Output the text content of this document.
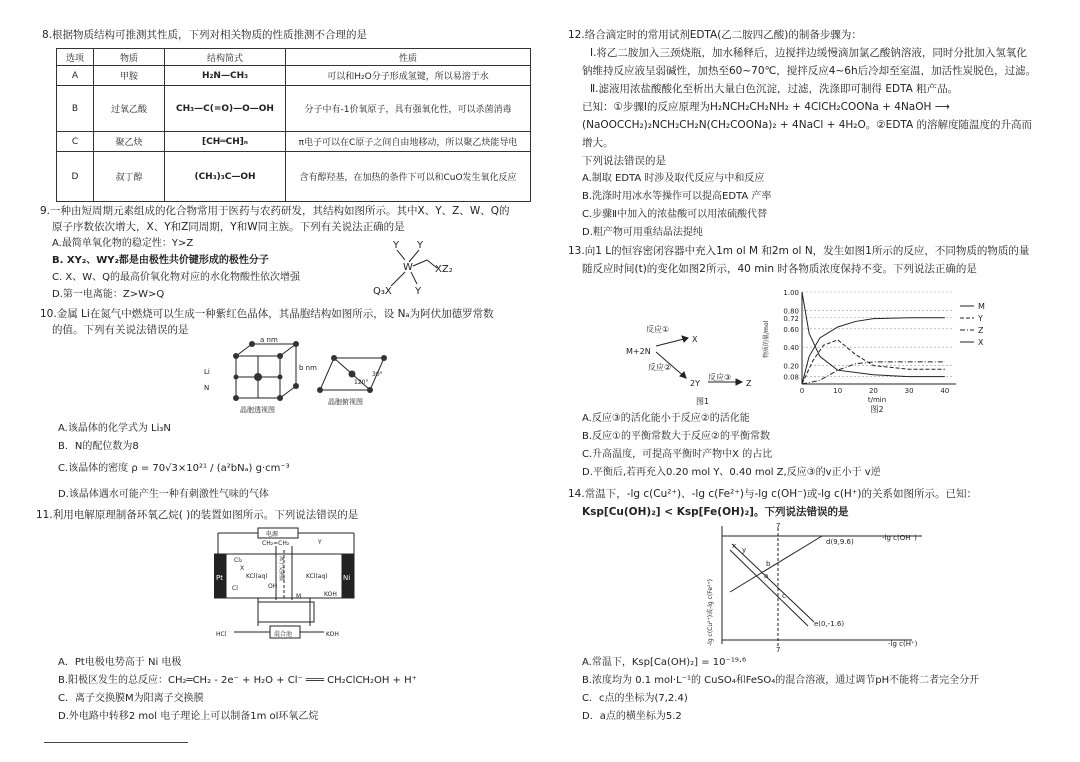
8.根据物质结构可推测其性质，下列对相关物质的性质推测不合理的是
选项	物质	结构简式	性质
A	甲胺	H₂N—CH₃	可以和H₂O分子形成氢键，所以易溶于水
B	过氧乙酸	CH₃—C(=O)—O—OH	分子中有-1价氧原子，具有强氧化性，可以杀菌消毒
C	聚乙炔	⁅CH═CH⁆ₙ	π电子可以在C原子之间自由地移动，所以聚乙炔能导电
D	叔丁醇	(CH₃)₃C—OH	含有醇羟基，在加热的条件下可以和CuO发生氧化反应
9.一种由短周期元素组成的化合物常用于医药与农药研发，其结构如图所示。其中X、Y、Z、W、Q的
原子序数依次增大，X、Y和Z同周期，Y和W同主族。下列有关说法正确的是
A.最简单氧化物的稳定性：Y>Z
B. XY₂、WY₂都是由极性共价键形成的极性分子
C. X、W、Q的最高价氧化物对应的水化物酸性依次增强
D.第一电离能：Z>W>Q
Y Y
W XZ₂
Q₃X Y
10.金属 Li在氮气中燃烧可以生成一种紫红色晶体，其晶胞结构如图所示，设 Nₐ为阿伏加德罗常数
的值。下列有关说法错误的是
Li
N
a nm
b nm
120°
30°
晶胞透视图
晶胞俯视图
A.该晶体的化学式为 Li₃N
B．N的配位数为8
C.该晶体的密度 ρ = 70√3×10²¹ / (a²bNₐ) g·cm⁻³
D.该晶体遇水可能产生一种有刺激性气味的气体
11.利用电解原理制备环氧乙烷( )的装置如图所示。下列说法错误的是
电源
CH₂=CH₂	Y
Cl₂
X
Pt	Ni
KCl(aq)	KCl(aq)
OH
Cl
离子交换膜
KOH
M
HCl	混合池	KOH
A．Pt电极电势高于 Ni 电极
B.阳极区发生的总反应：CH₂═CH₂ - 2e⁻ + H₂O + Cl⁻ ═══ CH₂ClCH₂OH + H⁺
C．离子交换膜M为阳离子交换膜
D.外电路中转移2 mol 电子理论上可以制备1m ol环氧乙烷
12.络合滴定时的常用试剂EDTA(乙二胺四乙酸)的制备步骤为：
Ⅰ.将乙二胺加入三颈烧瓶，加水稀释后，边搅拌边缓慢滴加氯乙酸钠溶液，同时分批加入氢氧化
钠维持反应液呈弱碱性，加热至60~70℃，搅拌反应4~6h后冷却至室温，加活性炭脱色，过滤。
Ⅱ.滤液用浓盐酸酸化至析出大量白色沉淀，过滤，洗涤即可制得 EDTA 粗产品。
已知：①步骤Ⅰ的反应原理为H₂NCH₂CH₂NH₂ + 4ClCH₂COONa + 4NaOH ⟶
(NaOOCCH₂)₂NCH₂CH₂N(CH₂COONa)₂ + 4NaCl + 4H₂O。②EDTA 的溶解度随温度的升高而
增大。
下列说法错误的是
A.制取 EDTA 时涉及取代反应与中和反应
B.洗涤时用冰水等操作可以提高EDTA 产率
C.步骤Ⅱ中加入的浓盐酸可以用浓硫酸代替
D.粗产物可用重结晶法提纯
13.向1 L的恒容密闭容器中充入1m ol M 和2m ol N，发生如图1所示的反应，不同物质的物质的量
随反应时间(t)的变化如图2所示，40 min 时各物质浓度保持不变。下列说法正确的是
反应①
X
M+2N
反应②
2Y
反应③
Z
图1
0.08
0.20
0.40
0.60
0.72
0.80
1.00
0	10	20	30	40
t/min
物质的量/mol
M
Y
Z
X
图2
A.反应③的活化能小于反应②的活化能
B.反应①的平衡常数大于反应②的平衡常数
C.升高温度，可提高平衡时产物中X 的占比
D.平衡后,若再充入0.20 mol Y、0.40 mol Z,反应③的v正小于 v逆
14.常温下，-lg c(Cu²⁺)、-lg c(Fe²⁺)与-lg c(OH⁻)或-lg c(H⁺)的关系如图所示。已知：
Ksp[Cu(OH)₂] < Ksp[Fe(OH)₂]。下列说法错误的是
-lg c(Cu²⁺)或-lg c(Fe²⁺)
-lg c(OH⁻)
-lg c(H⁺)
7
7
d(9,9.6)
e(0,-1.6)
a
b
c
x y
A.常温下，Ksp[Ca(OH)₂] = 10⁻¹⁹·⁶
B.浓度均为 0.1 mol·L⁻¹的 CuSO₄和FeSO₄的混合溶液，通过调节pH不能将二者完全分开
C．c点的坐标为(7,2.4)
D．a点的横坐标为5.2
